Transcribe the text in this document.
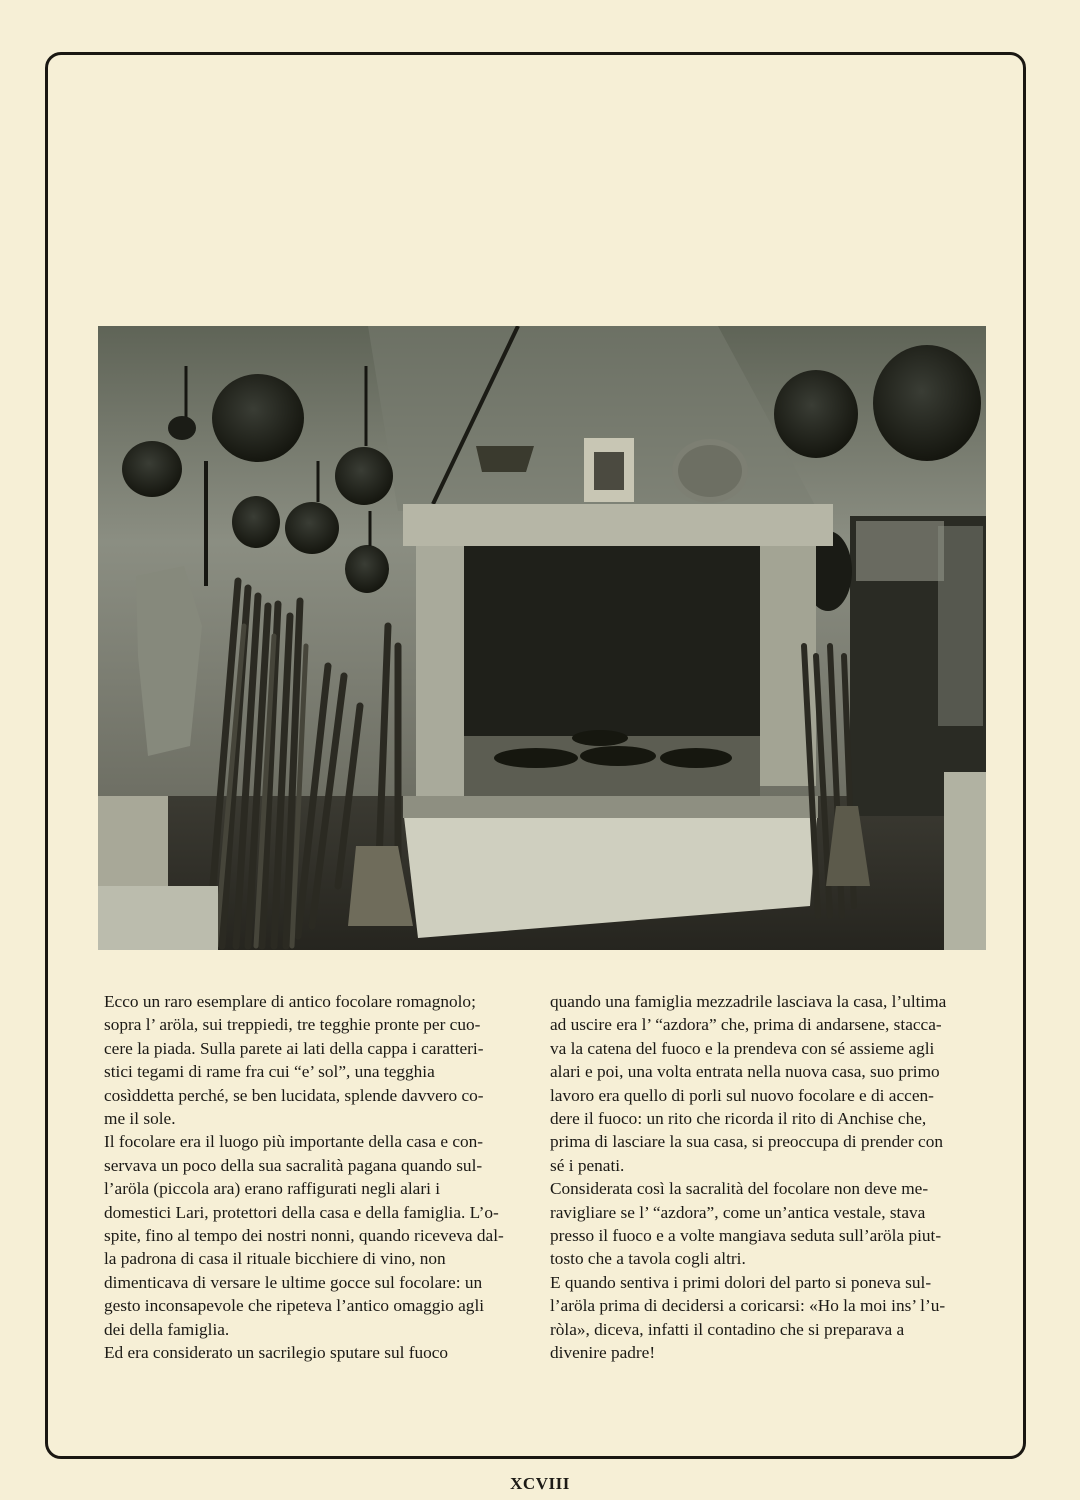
Ecco un raro esemplare di antico focolare romagnolo;
sopra l’ aröla, sui treppiedi, tre tegghie pronte per cuo-
cere la piada. Sulla parete ai lati della cappa i caratteri-
stici tegami di rame fra cui “e’ sol”, una tegghia
cosìddetta perché, se ben lucidata, splende davvero co-
me il sole.

Il focolare era il luogo più importante della casa e con-
servava un poco della sua sacralità pagana quando sul-
l’aröla (piccola ara) erano raffigurati negli alari i
domestici Lari, protettori della casa e della famiglia. L’o-
spite, fino al tempo dei nostri nonni, quando riceveva dal-
la padrona di casa il rituale bicchiere di vino, non
dimenticava di versare le ultime gocce sul focolare: un
gesto inconsapevole che ripeteva l’antico omaggio agli
dei della famiglia.

Ed era considerato un sacrilegio sputare sul fuoco

quando una famiglia mezzadrile lasciava la casa, l’ultima
ad uscire era l’ “azdora” che, prima di andarsene, stacca-
va la catena del fuoco e la prendeva con sé assieme agli
alari e poi, una volta entrata nella nuova casa, suo primo
lavoro era quello di porli sul nuovo focolare e di accen-
dere il fuoco: un rito che ricorda il rito di Anchise che,
prima di lasciare la sua casa, si preoccupa di prender con
sé i penati.

Considerata così la sacralità del focolare non deve me-
ravigliare se l’ “azdora”, come un’antica vestale, stava
presso il fuoco e a volte mangiava seduta sull’aröla piut-
tosto che a tavola cogli altri.

E quando sentiva i primi dolori del parto si poneva sul-
l’aröla prima di decidersi a coricarsi: «Ho la moi ins’ l’u-
ròla», diceva, infatti il contadino che si preparava a
divenire padre!

XCVIII
